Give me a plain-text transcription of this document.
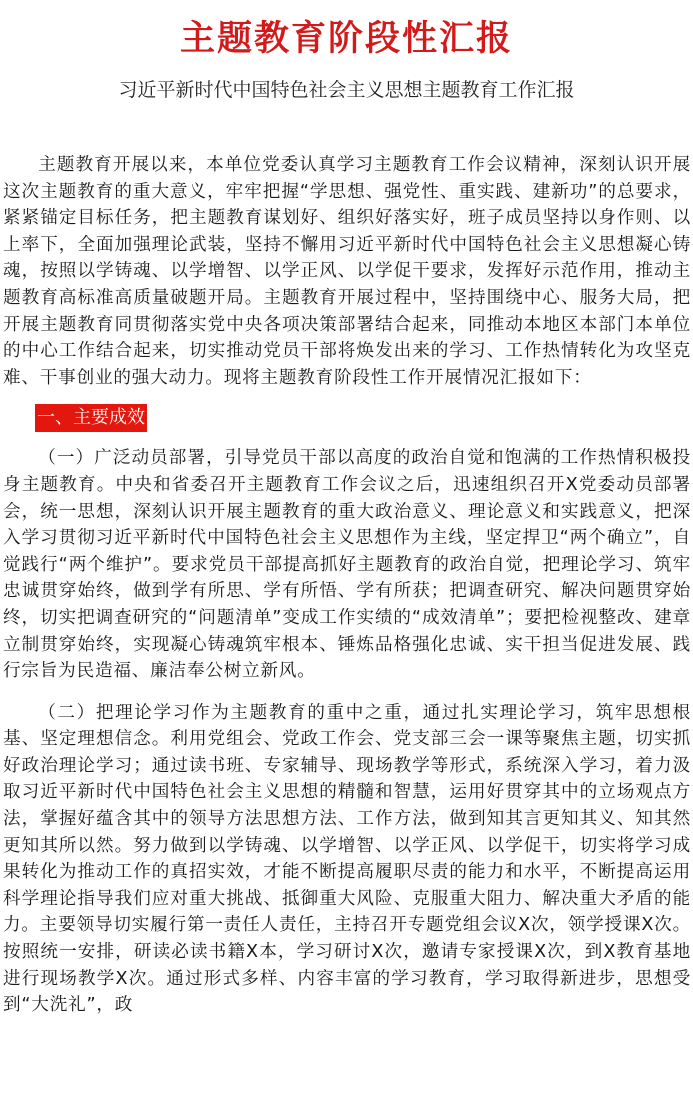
主题教育阶段性汇报
习近平新时代中国特色社会主义思想主题教育工作汇报

主题教育开展以来，本单位党委认真学习主题教育工作会议精神，深刻认识开展这次主题教育的重大意义，牢牢把握“学思想、强党性、重实践、建新功”的总要求，紧紧锚定目标任务，把主题教育谋划好、组织好落实好，班子成员坚持以身作则、以上率下，全面加强理论武装，坚持不懈用习近平新时代中国特色社会主义思想凝心铸魂，按照以学铸魂、以学增智、以学正风、以学促干要求，发挥好示范作用，推动主题教育高标准高质量破题开局。主题教育开展过程中，坚持围绕中心、服务大局，把开展主题教育同贯彻落实党中央各项决策部署结合起来，同推动本地区本部门本单位的中心工作结合起来，切实推动党员干部将焕发出来的学习、工作热情转化为攻坚克难、干事创业的强大动力。现将主题教育阶段性工作开展情况汇报如下：

一、主要成效

（一）广泛动员部署，引导党员干部以高度的政治自觉和饱满的工作热情积极投身主题教育。中央和省委召开主题教育工作会议之后，迅速组织召开X党委动员部署会，统一思想，深刻认识开展主题教育的重大政治意义、理论意义和实践意义，把深入学习贯彻习近平新时代中国特色社会主义思想作为主线，坚定捍卫“两个确立”，自觉践行“两个维护”。要求党员干部提高抓好主题教育的政治自觉，把理论学习、筑牢忠诚贯穿始终，做到学有所思、学有所悟、学有所获；把调查研究、解决问题贯穿始终，切实把调查研究的“问题清单”变成工作实绩的“成效清单”；要把检视整改、建章立制贯穿始终，实现凝心铸魂筑牢根本、锤炼品格强化忠诚、实干担当促进发展、践行宗旨为民造福、廉洁奉公树立新风。

（二）把理论学习作为主题教育的重中之重，通过扎实理论学习，筑牢思想根基、坚定理想信念。利用党组会、党政工作会、党支部三会一课等聚焦主题，切实抓好政治理论学习；通过读书班、专家辅导、现场教学等形式，系统深入学习，着力汲取习近平新时代中国特色社会主义思想的精髓和智慧，运用好贯穿其中的立场观点方法，掌握好蕴含其中的领导方法思想方法、工作方法，做到知其言更知其义、知其然更知其所以然。努力做到以学铸魂、以学增智、以学正风、以学促干，切实将学习成果转化为推动工作的真招实效，才能不断提高履职尽责的能力和水平，不断提高运用科学理论指导我们应对重大挑战、抵御重大风险、克服重大阻力、解决重大矛盾的能力。主要领导切实履行第一责任人责任，主持召开专题党组会议X次，领学授课X次。按照统一安排，研读必读书籍X本，学习研讨X次，邀请专家授课X次，到X教育基地进行现场教学X次。通过形式多样、内容丰富的学习教育，学习取得新进步，思想受到“大洗礼”，政
